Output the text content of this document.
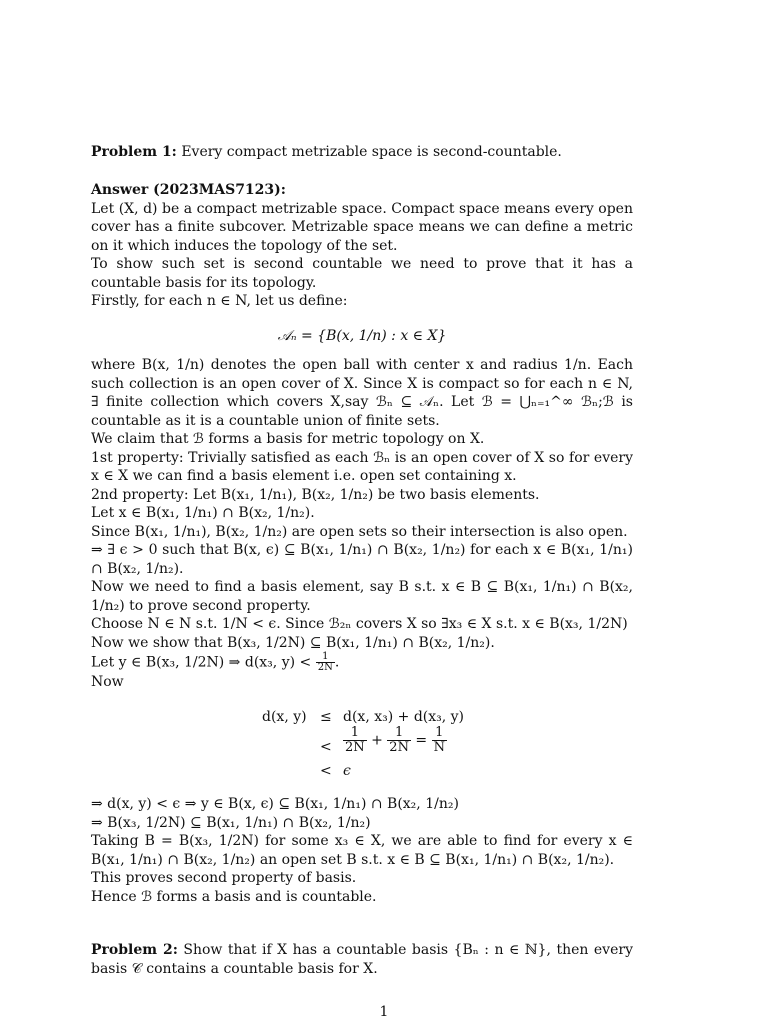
Problem 1: Every compact metrizable space is second-countable.

Answer (2023MAS7123):

Let (X, d) be a compact metrizable space. Compact space means every open cover has a finite subcover. Metrizable space means we can define a metric on it which induces the topology of the set.

To show such set is second countable we need to prove that it has a countable basis for its topology.

Firstly, for each n ∈ N, let us define:

𝒜ₙ = {B(x, 1/n) : x ∈ X}

where B(x, 1/n) denotes the open ball with center x and radius 1/n. Each such collection is an open cover of X. Since X is compact so for each n ∈ N, ∃ finite collection which covers X,say ℬₙ ⊆ 𝒜ₙ. Let ℬ = ⋃ₙ₌₁^∞ ℬₙ;ℬ is countable as it is a countable union of finite sets.

We claim that ℬ forms a basis for metric topology on X.

1st property: Trivially satisfied as each ℬₙ is an open cover of X so for every x ∈ X we can find a basis element i.e. open set containing x.

2nd property: Let B(x₁, 1/n₁), B(x₂, 1/n₂) be two basis elements.

Let x ∈ B(x₁, 1/n₁) ∩ B(x₂, 1/n₂).

Since B(x₁, 1/n₁), B(x₂, 1/n₂) are open sets so their intersection is also open.

⇒ ∃ ϵ > 0 such that B(x, ϵ) ⊆ B(x₁, 1/n₁) ∩ B(x₂, 1/n₂) for each x ∈ B(x₁, 1/n₁) ∩ B(x₂, 1/n₂).

Now we need to find a basis element, say B s.t. x ∈ B ⊆ B(x₁, 1/n₁) ∩ B(x₂, 1/n₂) to prove second property.

Choose N ∈ N s.t. 1/N < ϵ. Since ℬ₂ₙ covers X so ∃x₃ ∈ X s.t. x ∈ B(x₃, 1/2N)

Now we show that B(x₃, 1/2N) ⊆ B(x₁, 1/n₁) ∩ B(x₂, 1/n₂).

Let y ∈ B(x₃, 1/2N) ⇒ d(x₃, $y) < \frac{1}{2N}$ .

Now

d(x, y) ≤ d(x, x₃) + d(x₃, y)
< $\frac{1}{2N} + \frac{1}{2N} = \frac{1}{N}$
< ϵ

⇒ d(x, y) < ϵ ⇒ y ∈ B(x, ϵ) ⊆ B(x₁, 1/n₁) ∩ B(x₂, 1/n₂)

⇒ B(x₃, 1/2N) ⊆ B(x₁, 1/n₁) ∩ B(x₂, 1/n₂)

Taking B = B(x₃, 1/2N) for some x₃ ∈ X, we are able to find for every x ∈ B(x₁, 1/n₁) ∩ B(x₂, 1/n₂) an open set B s.t. x ∈ B ⊆ B(x₁, 1/n₁) ∩ B(x₂, 1/n₂).

This proves second property of basis.

Hence ℬ forms a basis and is countable.

Problem 2: Show that if X has a countable basis {Bₙ : n ∈ ℕ}, then every basis 𝒞 contains a countable basis for X.

1
